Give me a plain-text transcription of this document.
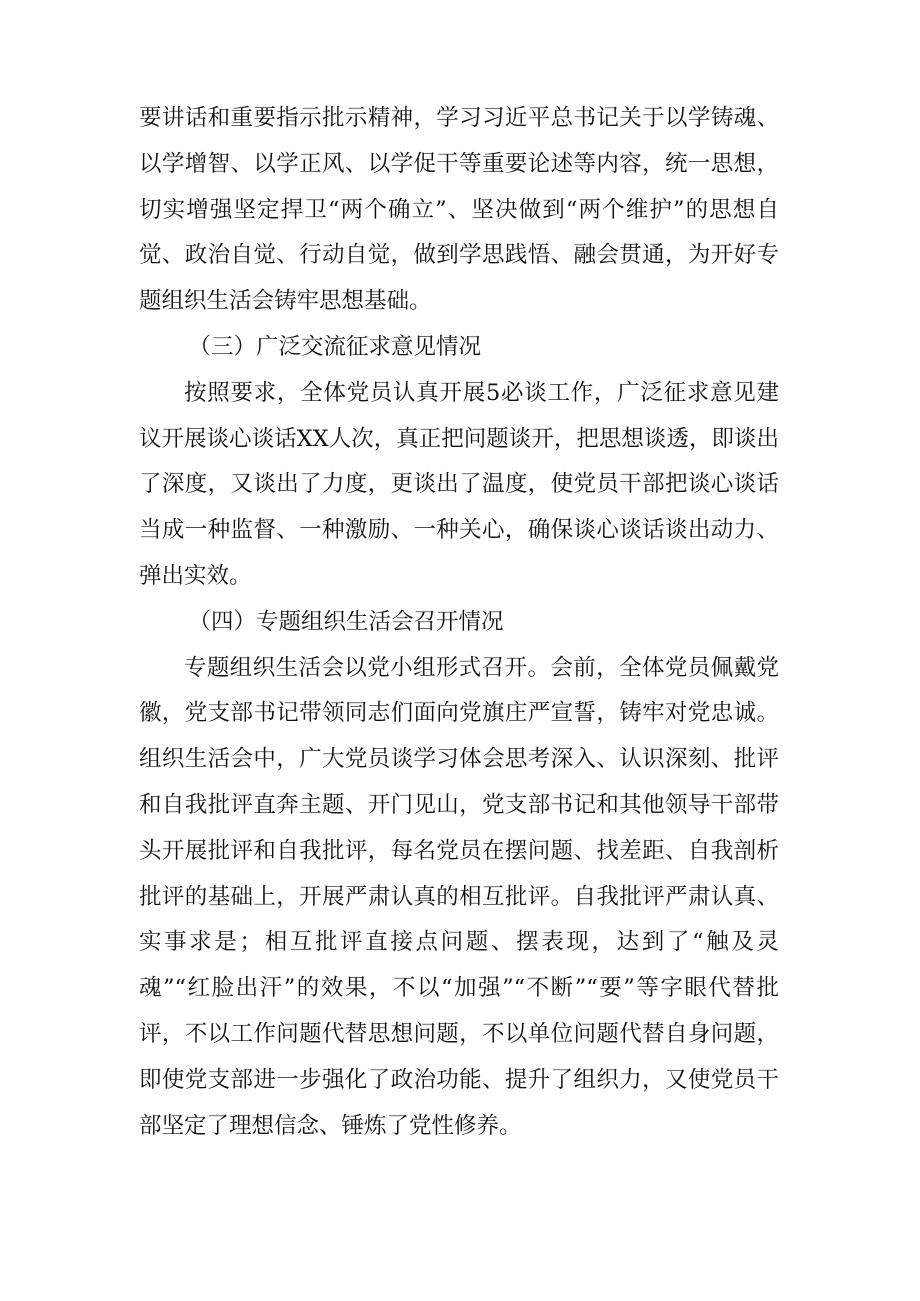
要讲话和重要指示批示精神，学习习近平总书记关于以学铸魂、以学增智、以学正风、以学促干等重要论述等内容，统一思想，切实增强坚定捍卫“两个确立”、坚决做到“两个维护”的思想自觉、政治自觉、行动自觉，做到学思践悟、融会贯通，为开好专题组织生活会铸牢思想基础。

（三）广泛交流征求意见情况

按照要求，全体党员认真开展5必谈工作，广泛征求意见建议开展谈心谈话XX人次，真正把问题谈开，把思想谈透，即谈出了深度，又谈出了力度，更谈出了温度，使党员干部把谈心谈话当成一种监督、一种激励、一种关心，确保谈心谈话谈出动力、弹出实效。

（四）专题组织生活会召开情况

专题组织生活会以党小组形式召开。会前，全体党员佩戴党徽，党支部书记带领同志们面向党旗庄严宣誓，铸牢对党忠诚。组织生活会中，广大党员谈学习体会思考深入、认识深刻、批评和自我批评直奔主题、开门见山，党支部书记和其他领导干部带头开展批评和自我批评，每名党员在摆问题、找差距、自我剖析批评的基础上，开展严肃认真的相互批评。自我批评严肃认真、实事求是；相互批评直接点问题、摆表现，达到了“触及灵魂”“红脸出汗”的效果，不以“加强”“不断”“要”等字眼代替批评，不以工作问题代替思想问题，不以单位问题代替自身问题，即使党支部进一步强化了政治功能、提升了组织力，又使党员干部坚定了理想信念、锤炼了党性修养。
